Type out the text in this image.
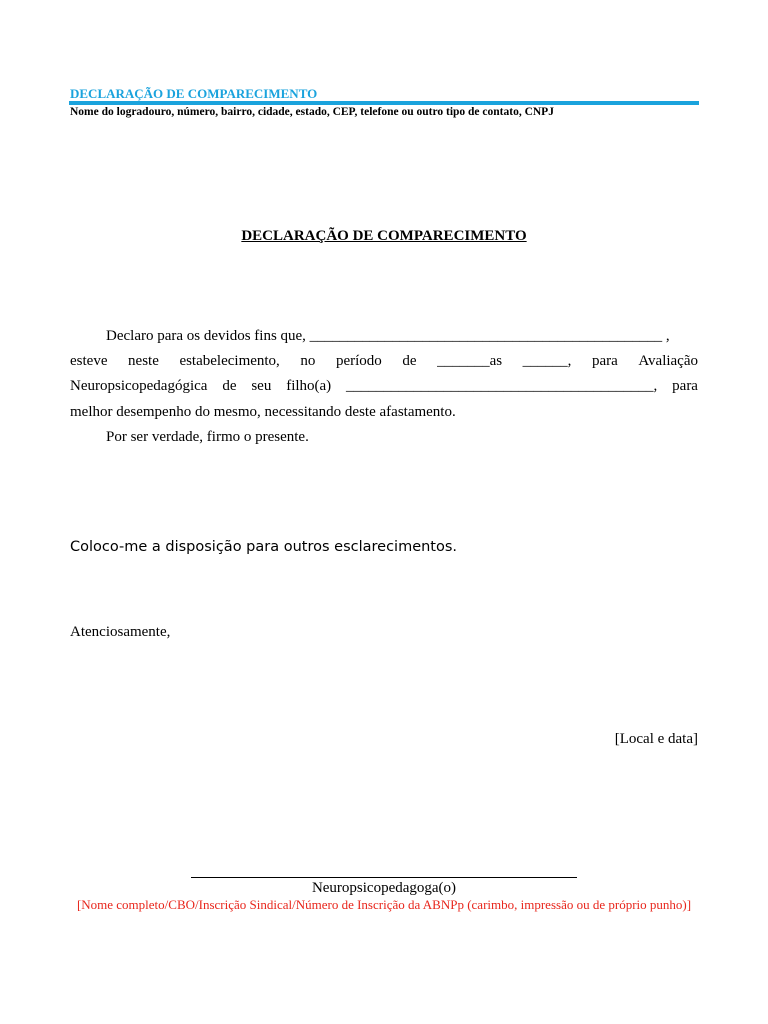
DECLARAÇÃO DE COMPARECIMENTO
Nome do logradouro, número, bairro, cidade, estado, CEP, telefone ou outro tipo de contato, CNPJ
DECLARAÇÃO DE COMPARECIMENTO
Declaro para os devidos fins que, _______________________________________________ ,
esteve neste estabelecimento, no período de _______as ______, para Avaliação
Neuropsicopedagógica de seu filho(a) _________________________________________, para
melhor desempenho do mesmo, necessitando deste afastamento.
Por ser verdade, firmo o presente.
Coloco-me a disposição para outros esclarecimentos.
Atenciosamente,
[Local e data]
Neuropsicopedagoga(o)
[Nome completo/CBO/Inscrição Sindical/Número de Inscrição da ABNPp (carimbo, impressão ou de próprio punho)]
